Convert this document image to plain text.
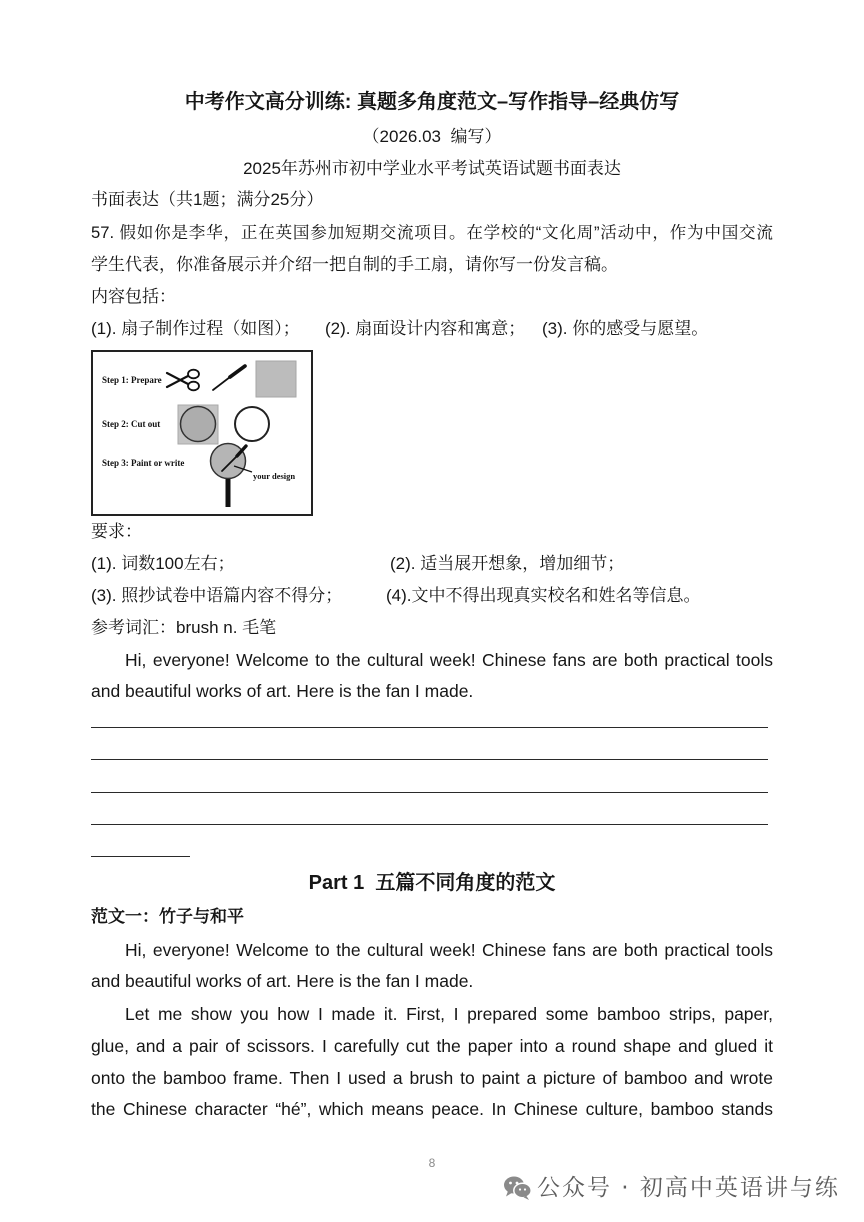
中考作文高分训练: 真题多角度范文–写作指导–经典仿写
（2026.03  编写）
2025年苏州市初中学业水平考试英语试题书面表达
书面表达（共1题；满分25分）
57. 假如你是李华，正在英国参加短期交流项目。在学校的“文化周”活动中，作为中国交流
学生代表，你准备展示并介绍一把自制的手工扇，请你写一份发言稿。
内容包括：
(1). 扇子制作过程（如图）； (2). 扇面设计内容和寓意； (3). 你的感受与愿望。
Step 1: Prepare
Step 2: Cut out
Step 3: Paint or write
your design
要求：
(1). 词数100左右；	(2). 适当展开想象，增加细节；
(3). 照抄试卷中语篇内容不得分；	(4).文中不得出现真实校名和姓名等信息。
参考词汇：brush n. 毛笔
Hi, everyone! Welcome to the cultural week! Chinese fans are both practical tools
and beautiful works of art. Here is the fan I made.
Part 1  五篇不同角度的范文
范文一：竹子与和平
Hi, everyone! Welcome to the cultural week! Chinese fans are both practical tools
and beautiful works of art. Here is the fan I made.
Let me show you how I made it. First, I prepared some bamboo strips, paper,
glue, and a pair of scissors. I carefully cut the paper into a round shape and glued it
onto the bamboo frame. Then I used a brush to paint a picture of bamboo and wrote
the Chinese character “hé”, which means peace. In Chinese culture, bamboo stands
8
公众号 · 初高中英语讲与练
